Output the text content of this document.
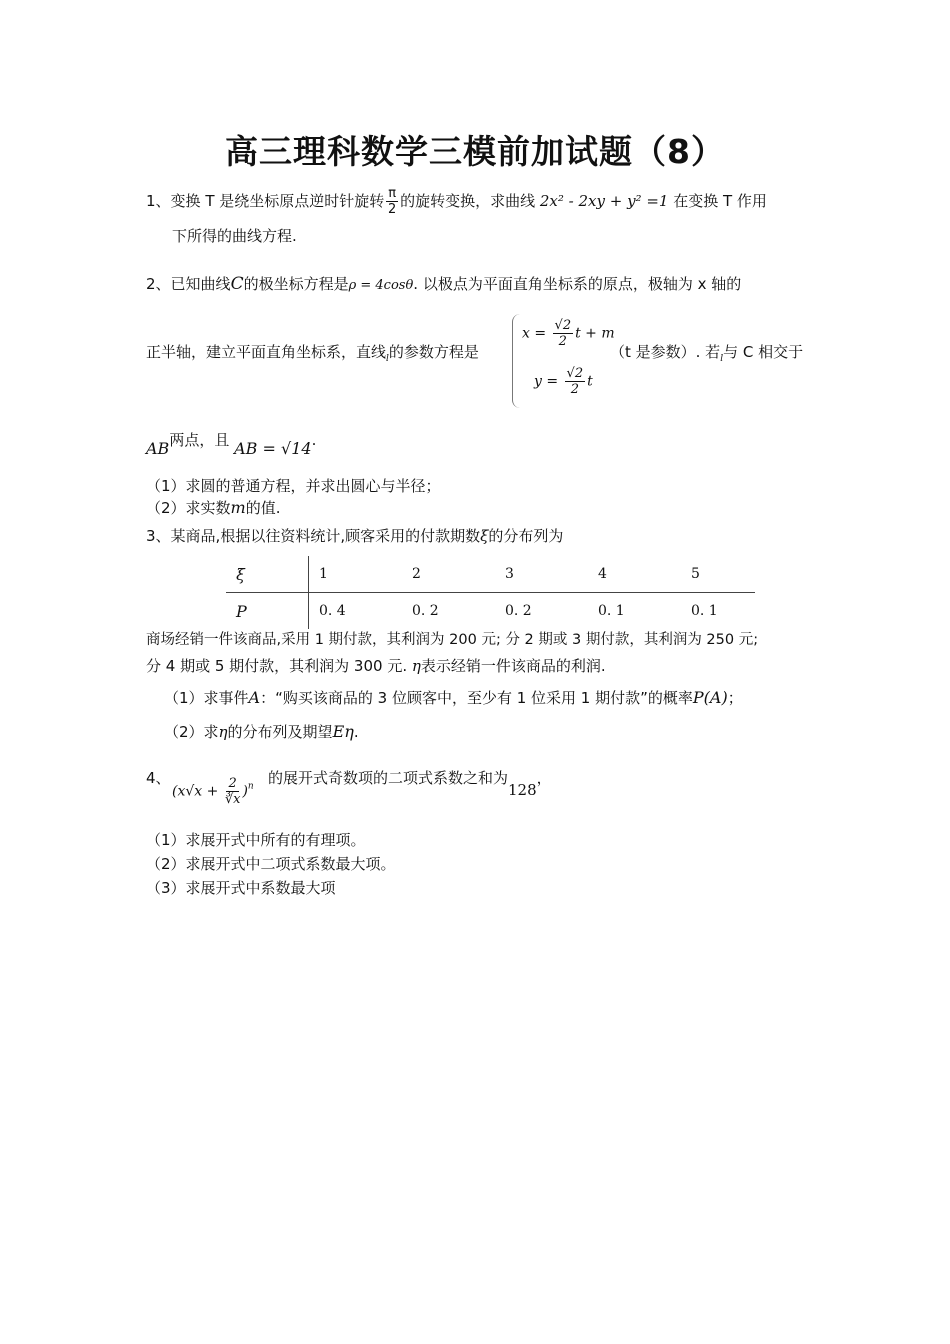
高三理科数学三模前加试题（8）
1、变换 T 是绕坐标原点逆时针旋转 $\frac{\pi}{2}$ 的旋转变换，求曲线 2x² - 2xy + y² =1 在变换 T 作用
下所得的曲线方程.
2、已知曲线C的极坐标方程是ρ = 4cosθ. 以极点为平面直角坐标系的原点，极轴为 x 轴的
正半轴，建立平面直角坐标系，直线$_l$的参数方程是
$x = \frac{√2}{2}$ t + m
$y = \frac{√2}{2}$ t
（t 是参数）. 若$_l$与 C 相交于
AB两点，且 AB = √14.
（1）求圆的普通方程，并求出圆心与半径；
（2）求实数m的值.
3、某商品,根据以往资料统计,顾客采用的付款期数ξ的分布列为
ξ	1	2	3	4	5
P	0. 4	0. 2	0. 2	0. 1	0. 1
商场经销一件该商品,采用 1 期付款，其利润为 200 元; 分 2 期或 3 期付款，其利润为 250 元;
分 4 期或 5 期付款，其利润为 300 元. η表示经销一件该商品的利润.
（1）求事件A：“购买该商品的 3 位顾客中，至少有 1 位采用 1 期付款”的概率P(A)；
（2）求η的分布列及期望Eη.
4、
$(x√x + \frac{2}{∛x} )^n$ 的展开式奇数项的二项式系数之和为128，
（1）求展开式中所有的有理项。
（2）求展开式中二项式系数最大项。
（3）求展开式中系数最大项
